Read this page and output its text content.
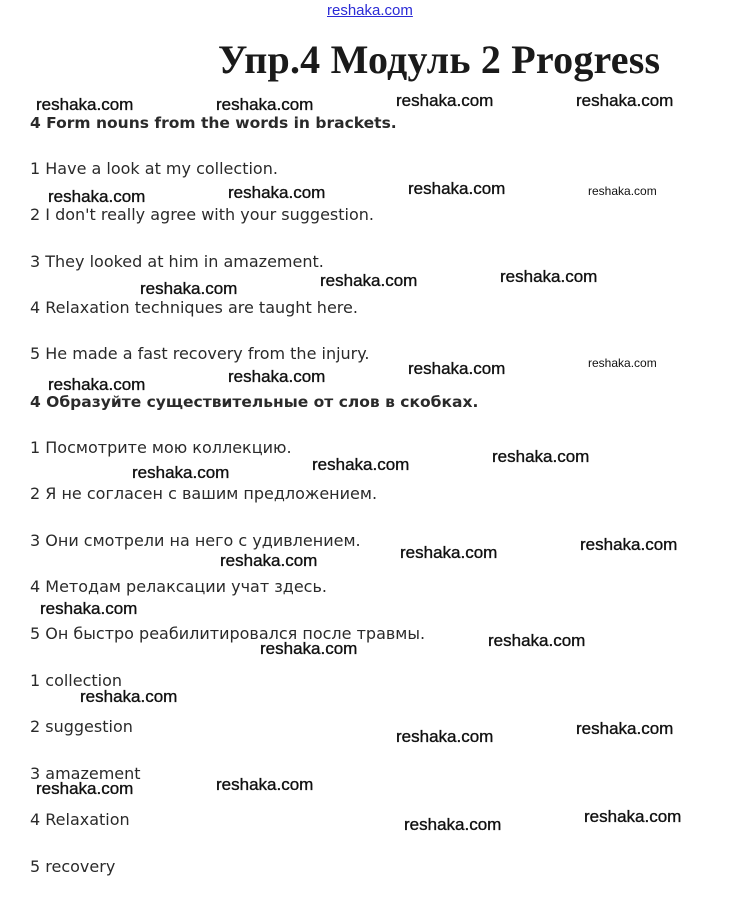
reshaka.com
Упр.4 Модуль 2 Progress
4 Form nouns from the words in brackets.
1 Have a look at my collection.
2 I don't really agree with your suggestion.
3 They looked at him in amazement.
4 Relaxation techniques are taught here.
5 He made a fast recovery from the injury.
4 Образуйте существительные от слов в скобках.
1 Посмотрите мою коллекцию.
2 Я не согласен с вашим предложением.
3 Они смотрели на него с удивлением.
4 Методам релаксации учат здесь.
5 Он быстро реабилитировался после травмы.
1 collection
2 suggestion
3 amazement
4 Relaxation
5 recovery
reshaka.com	reshaka.com	reshaka.com	reshaka.com
reshaka.com	reshaka.com	reshaka.com	reshaka.com
reshaka.com	reshaka.com	reshaka.com
reshaka.com	reshaka.com	reshaka.com	reshaka.com
reshaka.com	reshaka.com	reshaka.com
reshaka.com	reshaka.com	reshaka.com
reshaka.com
reshaka.com	reshaka.com
reshaka.com
reshaka.com	reshaka.com
reshaka.com	reshaka.com
reshaka.com	reshaka.com
